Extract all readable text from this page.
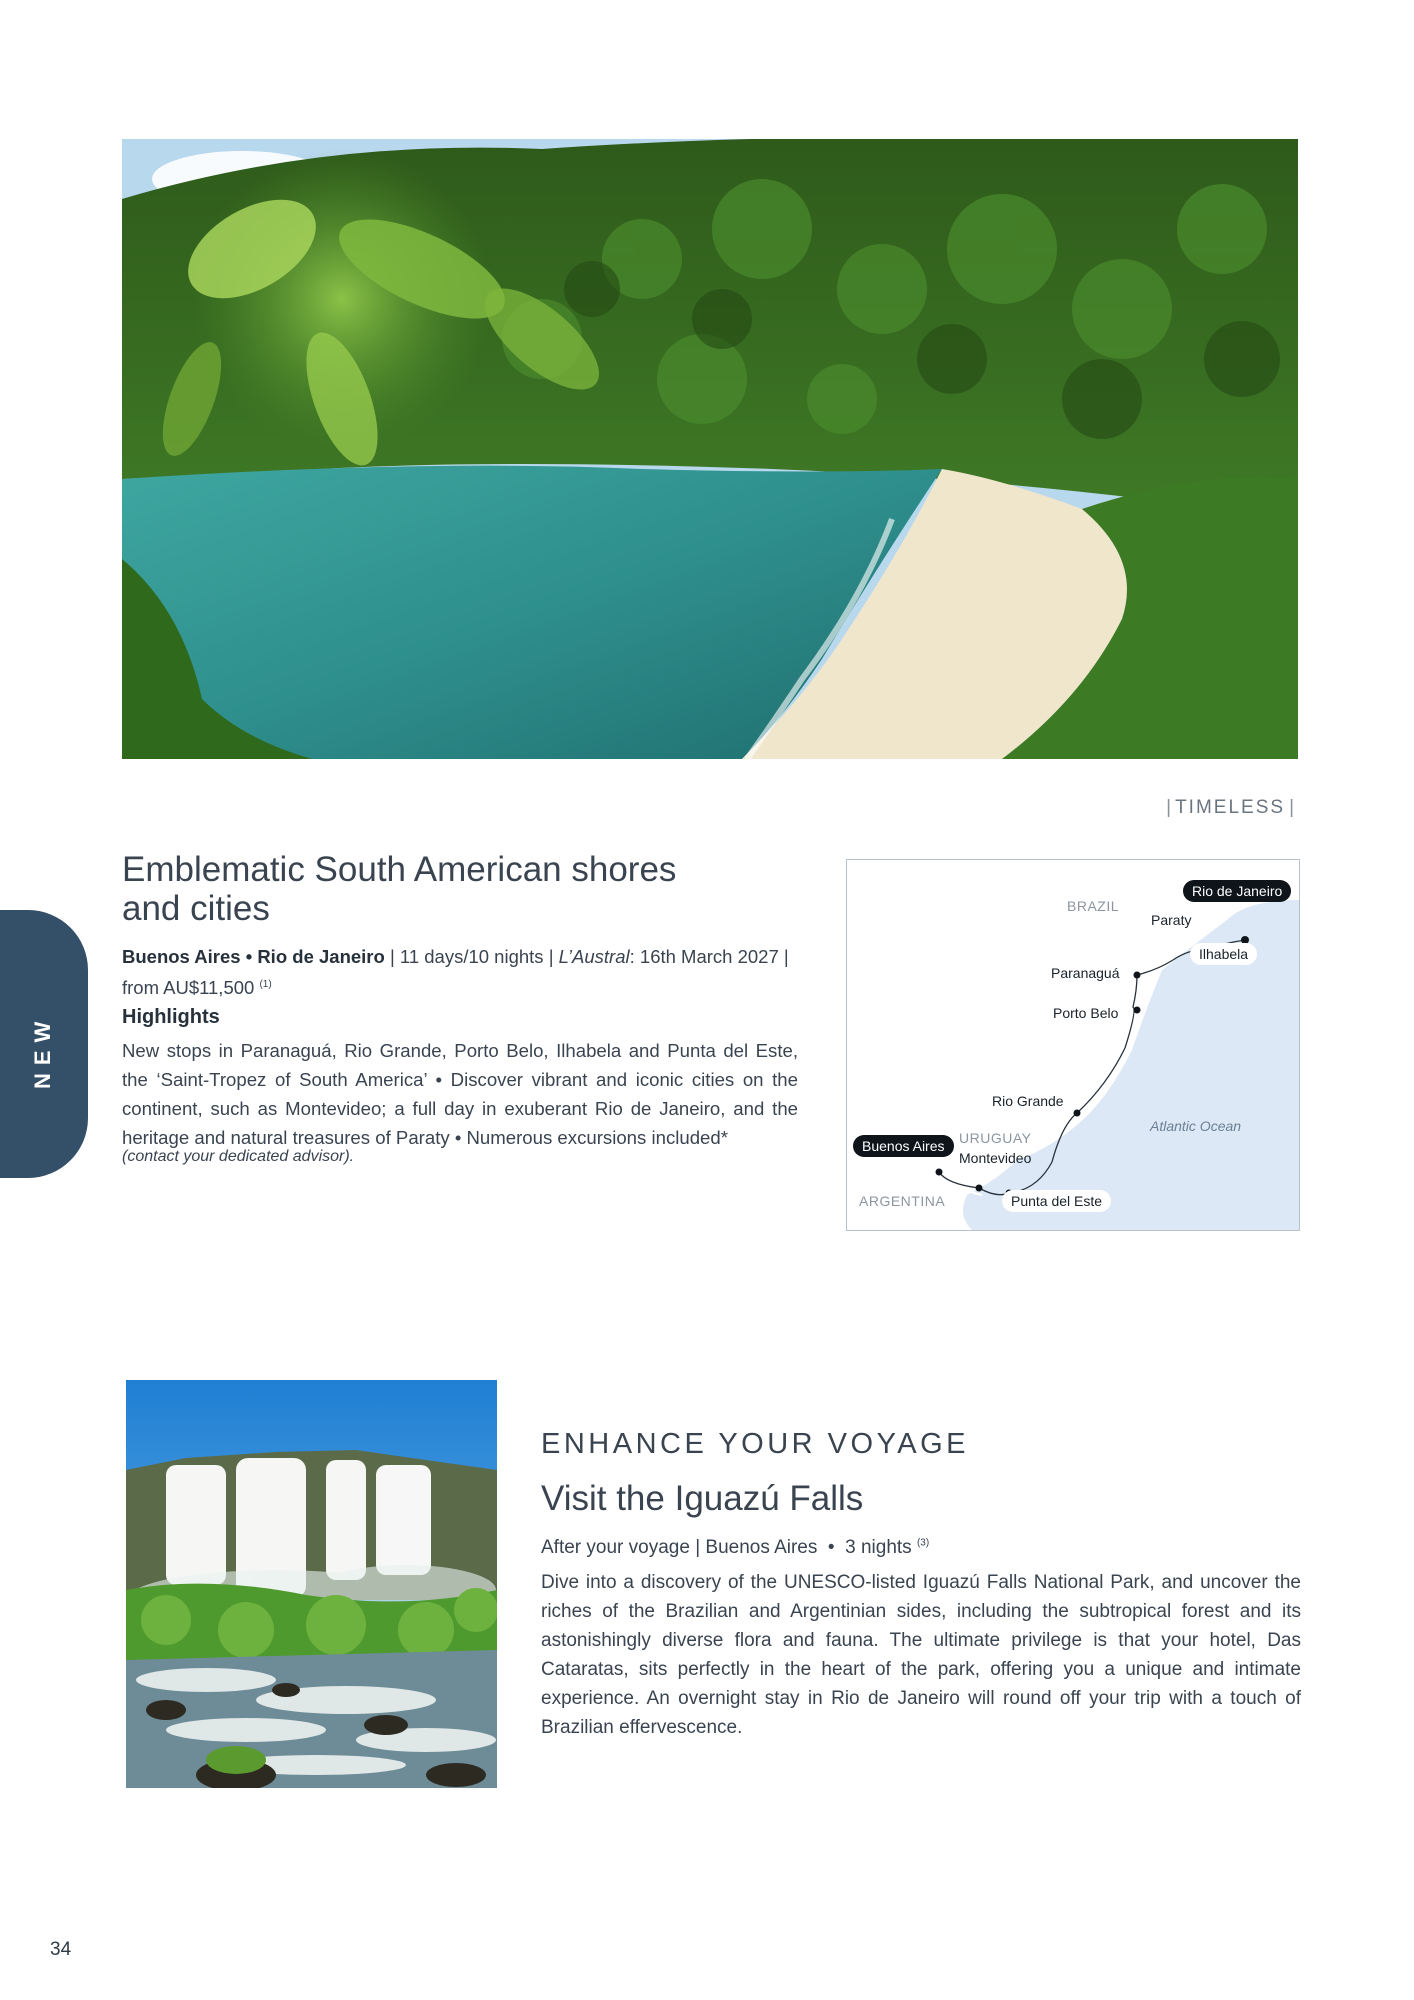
| TIMELESS |
NEW
Emblematic South American shores and cities
Buenos Aires • Rio de Janeiro | 11 days/10 nights | L’Austral: 16th March 2027 |
from AU$11,500 $^{(1)}$
Highlights
New stops in Paranaguá, Rio Grande, Porto Belo, Ilhabela and Punta del Este, the ‘Saint-Tropez of South America’ • Discover vibrant and iconic cities on the continent, such as Montevideo; a full day in exuberant Rio de Janeiro, and the heritage and natural treasures of Paraty • Numerous excursions included*
(contact your dedicated advisor).
BRAZIL
URUGUAY
ARGENTINA
Atlantic Ocean
Rio de Janeiro
Paraty
Ilhabela
Paranaguá
Porto Belo
Rio Grande
Buenos Aires
Montevideo
Punta del Este
ENHANCE YOUR VOYAGE
Visit the Iguazú Falls
After your voyage | Buenos Aires  •  3 nights $^{(3)}$
Dive into a discovery of the UNESCO-listed Iguazú Falls National Park, and uncover the riches of the Brazilian and Argentinian sides, including the subtropical forest and its astonishingly diverse flora and fauna. The ultimate privilege is that your hotel, Das Cataratas, sits perfectly in the heart of the park, offering you a unique and intimate experience. An overnight stay in Rio de Janeiro will round off your trip with a touch of Brazilian effervescence.
34
